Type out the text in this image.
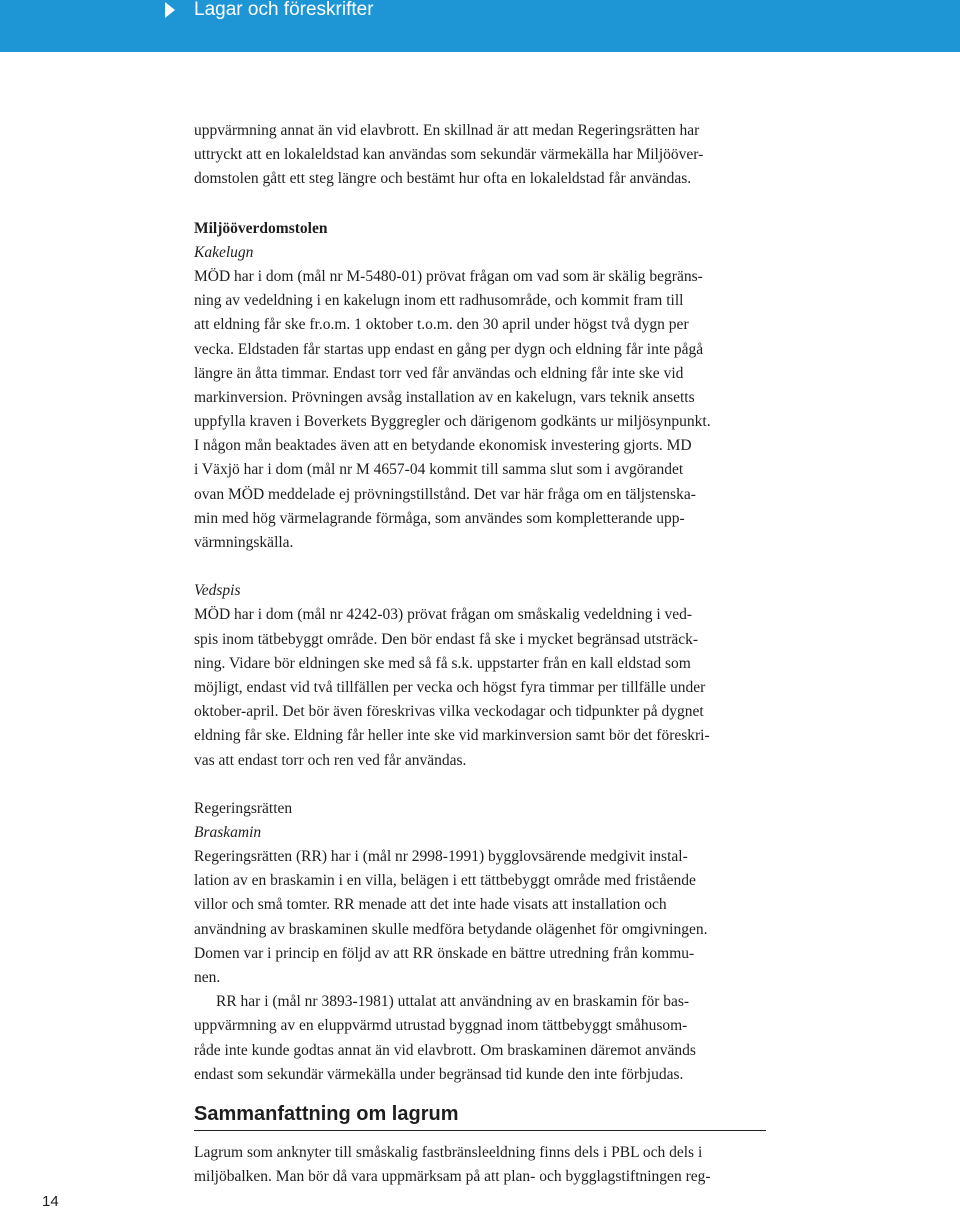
Lagar och föreskrifter
uppvärmning annat än vid elavbrott. En skillnad är att medan Regeringsrätten har
uttryckt att en lokaleldstad kan användas som sekundär värmekälla har Miljööver-
domstolen gått ett steg längre och bestämt hur ofta en lokaleldstad får användas.
Miljööverdomstolen
Kakelugn
MÖD har i dom (mål nr M-5480-01) prövat frågan om vad som är skälig begräns-
ning av vedeldning i en kakelugn inom ett radhusområde, och kommit fram till
att eldning får ske fr.o.m. 1 oktober t.o.m. den 30 april under högst två dygn per
vecka. Eldstaden får startas upp endast en gång per dygn och eldning får inte pågå
längre än åtta timmar. Endast torr ved får användas och eldning får inte ske vid
markinversion. Prövningen avsåg installation av en kakelugn, vars teknik ansetts
uppfylla kraven i Boverkets Byggregler och därigenom godkänts ur miljösynpunkt.
I någon mån beaktades även att en betydande ekonomisk investering gjorts. MD
i Växjö har i dom (mål nr M 4657-04 kommit till samma slut som i avgörandet
ovan MÖD meddelade ej prövningstillstånd. Det var här fråga om en täljstenska-
min med hög värmelagrande förmåga, som användes som kompletterande upp-
värmningskälla.
Vedspis
MÖD har i dom (mål nr 4242-03) prövat frågan om småskalig vedeldning i ved-
spis inom tätbebyggt område. Den bör endast få ske i mycket begränsad utsträck-
ning. Vidare bör eldningen ske med så få s.k. uppstarter från en kall eldstad som
möjligt, endast vid två tillfällen per vecka och högst fyra timmar per tillfälle under
oktober-april. Det bör även föreskrivas vilka veckodagar och tidpunkter på dygnet
eldning får ske. Eldning får heller inte ske vid markinversion samt bör det föreskri-
vas att endast torr och ren ved får användas.
Regeringsrätten
Braskamin
Regeringsrätten (RR) har i (mål nr 2998-1991) bygglovsärende medgivit instal-
lation av en braskamin i en villa, belägen i ett tättbebyggt område med fristående
villor och små tomter. RR menade att det inte hade visats att installation och
användning av braskaminen skulle medföra betydande olägenhet för omgivningen.
Domen var i princip en följd av att RR önskade en bättre utredning från kommu-
nen.
RR har i (mål nr 3893-1981) uttalat att användning av en braskamin för bas-
uppvärmning av en eluppvärmd utrustad byggnad inom tättbebyggt småhusom-
råde inte kunde godtas annat än vid elavbrott. Om braskaminen däremot används
endast som sekundär värmekälla under begränsad tid kunde den inte förbjudas.
Sammanfattning om lagrum
Lagrum som anknyter till småskalig fastbränsleeldning finns dels i PBL och dels i
miljöbalken. Man bör då vara uppmärksam på att plan- och bygglagstiftningen reg-
14
